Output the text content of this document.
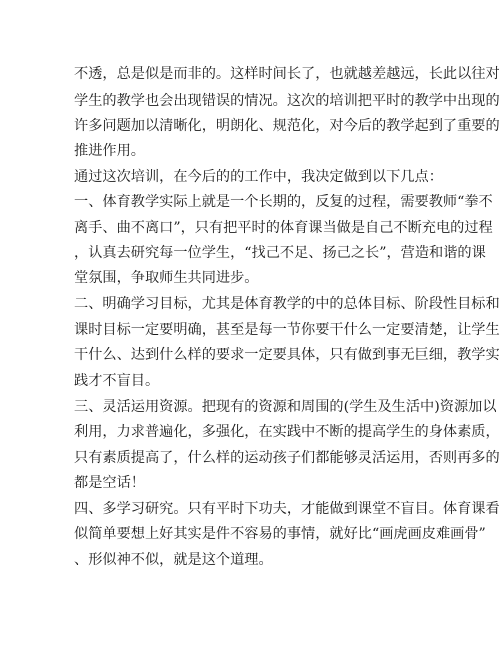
不透，总是似是而非的。这样时间长了，也就越差越远，长此以往对
学生的教学也会出现错误的情况。这次的培训把平时的教学中出现的
许多问题加以清晰化，明朗化、规范化，对今后的教学起到了重要的
推进作用。
通过这次培训，在今后的的工作中，我决定做到以下几点：
一、体育教学实际上就是一个长期的，反复的过程，需要教师“拳不
离手、曲不离口”，只有把平时的体育课当做是自己不断充电的过程
，认真去研究每一位学生，“找己不足、扬己之长”，营造和谐的课
堂氛围，争取师生共同进步。
二、明确学习目标，尤其是体育教学的中的总体目标、阶段性目标和
课时目标一定要明确，甚至是每一节你要干什么一定要清楚，让学生
干什么、达到什么样的要求一定要具体，只有做到事无巨细，教学实
践才不盲目。
三、灵活运用资源。把现有的资源和周围的(学生及生活中)资源加以
利用，力求普遍化，多强化，在实践中不断的提高学生的身体素质，
只有素质提高了，什么样的运动孩子们都能够灵活运用，否则再多的
都是空话！
四、多学习研究。只有平时下功夫，才能做到课堂不盲目。体育课看
似简单要想上好其实是件不容易的事情，就好比“画虎画皮难画骨”
、形似神不似，就是这个道理。
